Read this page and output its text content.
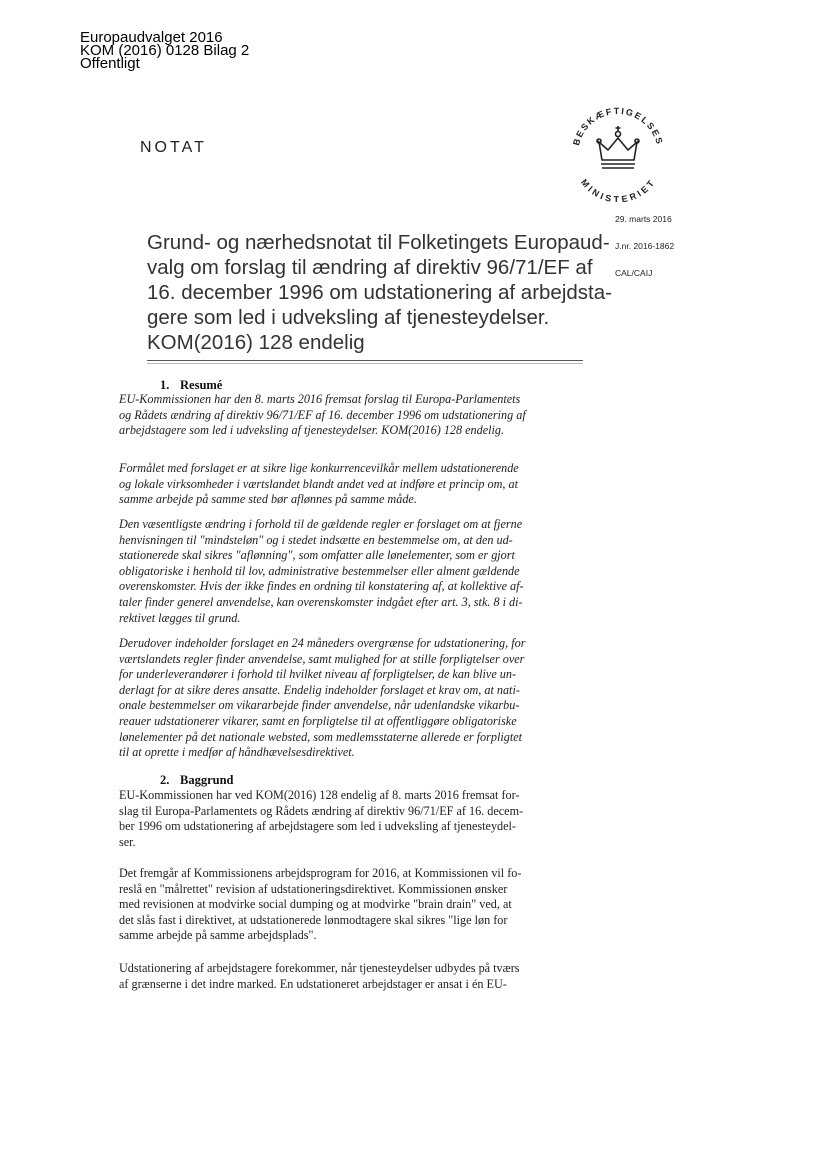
Europaudvalget 2016
KOM (2016) 0128 Bilag 2
Offentligt
NOTAT	BESKÆFTIGELSES
MINISTERIET
29. marts 2016
J.nr. 2016-1862
CAL/CAIJ
Grund- og nærhedsnotat til Folketingets Europaud-
valg om forslag til ændring af direktiv 96/71/EF af
16. december 1996 om udstationering af arbejdsta-
gere som led i udveksling af tjenesteydelser.
KOM(2016) 128 endelig
1. Resumé
EU-Kommissionen har den 8. marts 2016 fremsat forslag til Europa-Parlamentets
og Rådets ændring af direktiv 96/71/EF af 16. december 1996 om udstationering af
arbejdstagere som led i udveksling af tjenesteydelser. KOM(2016) 128 endelig.
Formålet med forslaget er at sikre lige konkurrencevilkår mellem udstationerende
og lokale virksomheder i værtslandet blandt andet ved at indføre et princip om, at
samme arbejde på samme sted bør aflønnes på samme måde.
Den væsentligste ændring i forhold til de gældende regler er forslaget om at fjerne
henvisningen til "mindsteløn" og i stedet indsætte en bestemmelse om, at den ud-
stationerede skal sikres "aflønning", som omfatter alle lønelementer, som er gjort
obligatoriske i henhold til lov, administrative bestemmelser eller alment gældende
overenskomster. Hvis der ikke findes en ordning til konstatering af, at kollektive af-
taler finder generel anvendelse, kan overenskomster indgået efter art. 3, stk. 8 i di-
rektivet lægges til grund.
Derudover indeholder forslaget en 24 måneders overgrænse for udstationering, for
værtslandets regler finder anvendelse, samt mulighed for at stille forpligtelser over
for underleverandører i forhold til hvilket niveau af forpligtelser, de kan blive un-
derlagt for at sikre deres ansatte. Endelig indeholder forslaget et krav om, at nati-
onale bestemmelser om vikararbejde finder anvendelse, når udenlandske vikarbu-
reauer udstationerer vikarer, samt en forpligtelse til at offentliggøre obligatoriske
lønelementer på det nationale websted, som medlemsstaterne allerede er forpligtet
til at oprette i medfør af håndhævelsesdirektivet.
2. Baggrund
EU-Kommissionen har ved KOM(2016) 128 endelig af 8. marts 2016 fremsat for-
slag til Europa-Parlamentets og Rådets ændring af direktiv 96/71/EF af 16. decem-
ber 1996 om udstationering af arbejdstagere som led i udveksling af tjenesteydel-
ser.
Det fremgår af Kommissionens arbejdsprogram for 2016, at Kommissionen vil fo-
reslå en "målrettet" revision af udstationeringsdirektivet. Kommissionen ønsker
med revisionen at modvirke social dumping og at modvirke "brain drain" ved, at
det slås fast i direktivet, at udstationerede lønmodtagere skal sikres "lige løn for
samme arbejde på samme arbejdsplads".
Udstationering af arbejdstagere forekommer, når tjenesteydelser udbydes på tværs
af grænserne i det indre marked. En udstationeret arbejdstager er ansat i én EU-
